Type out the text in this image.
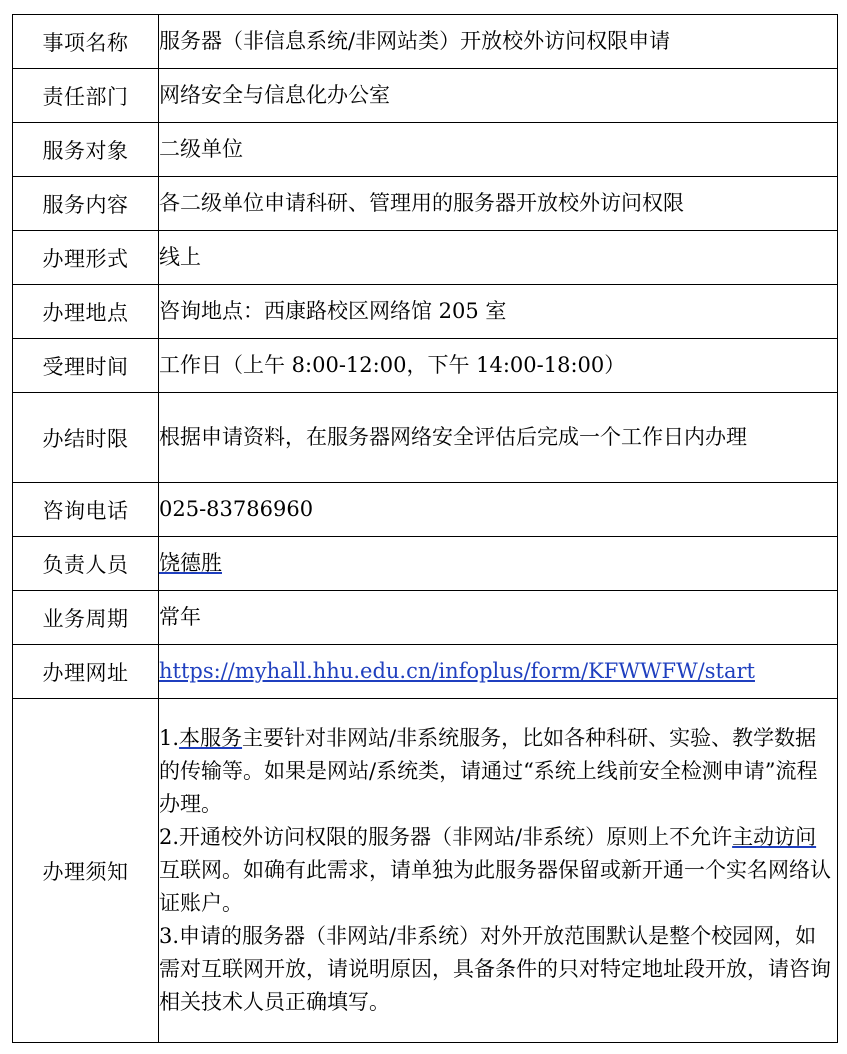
事项名称	服务器（非信息系统/非网站类）开放校外访问权限申请
责任部门	网络安全与信息化办公室
服务对象	二级单位
服务内容	各二级单位申请科研、管理用的服务器开放校外访问权限
办理形式	线上
办理地点	咨询地点：西康路校区网络馆 205 室
受理时间	工作日（上午 8:00-12:00，下午 14:00-18:00）
办结时限	根据申请资料，在服务器网络安全评估后完成一个工作日内办理
咨询电话	025-83786960
负责人员	饶德胜
业务周期	常年
办理网址	https://myhall.hhu.edu.cn/infoplus/form/KFWWFW/start
办理须知	1.本服务主要针对非网站/非系统服务，比如各种科研、实验、教学数据的传输等。如果是网站/系统类，请通过“系统上线前安全检测申请”流程办理。
2.开通校外访问权限的服务器（非网站/非系统）原则上不允许主动访问互联网。如确有此需求，请单独为此服务器保留或新开通一个实名网络认证账户。
3.申请的服务器（非网站/非系统）对外开放范围默认是整个校园网，如需对互联网开放，请说明原因，具备条件的只对特定地址段开放，请咨询相关技术人员正确填写。
